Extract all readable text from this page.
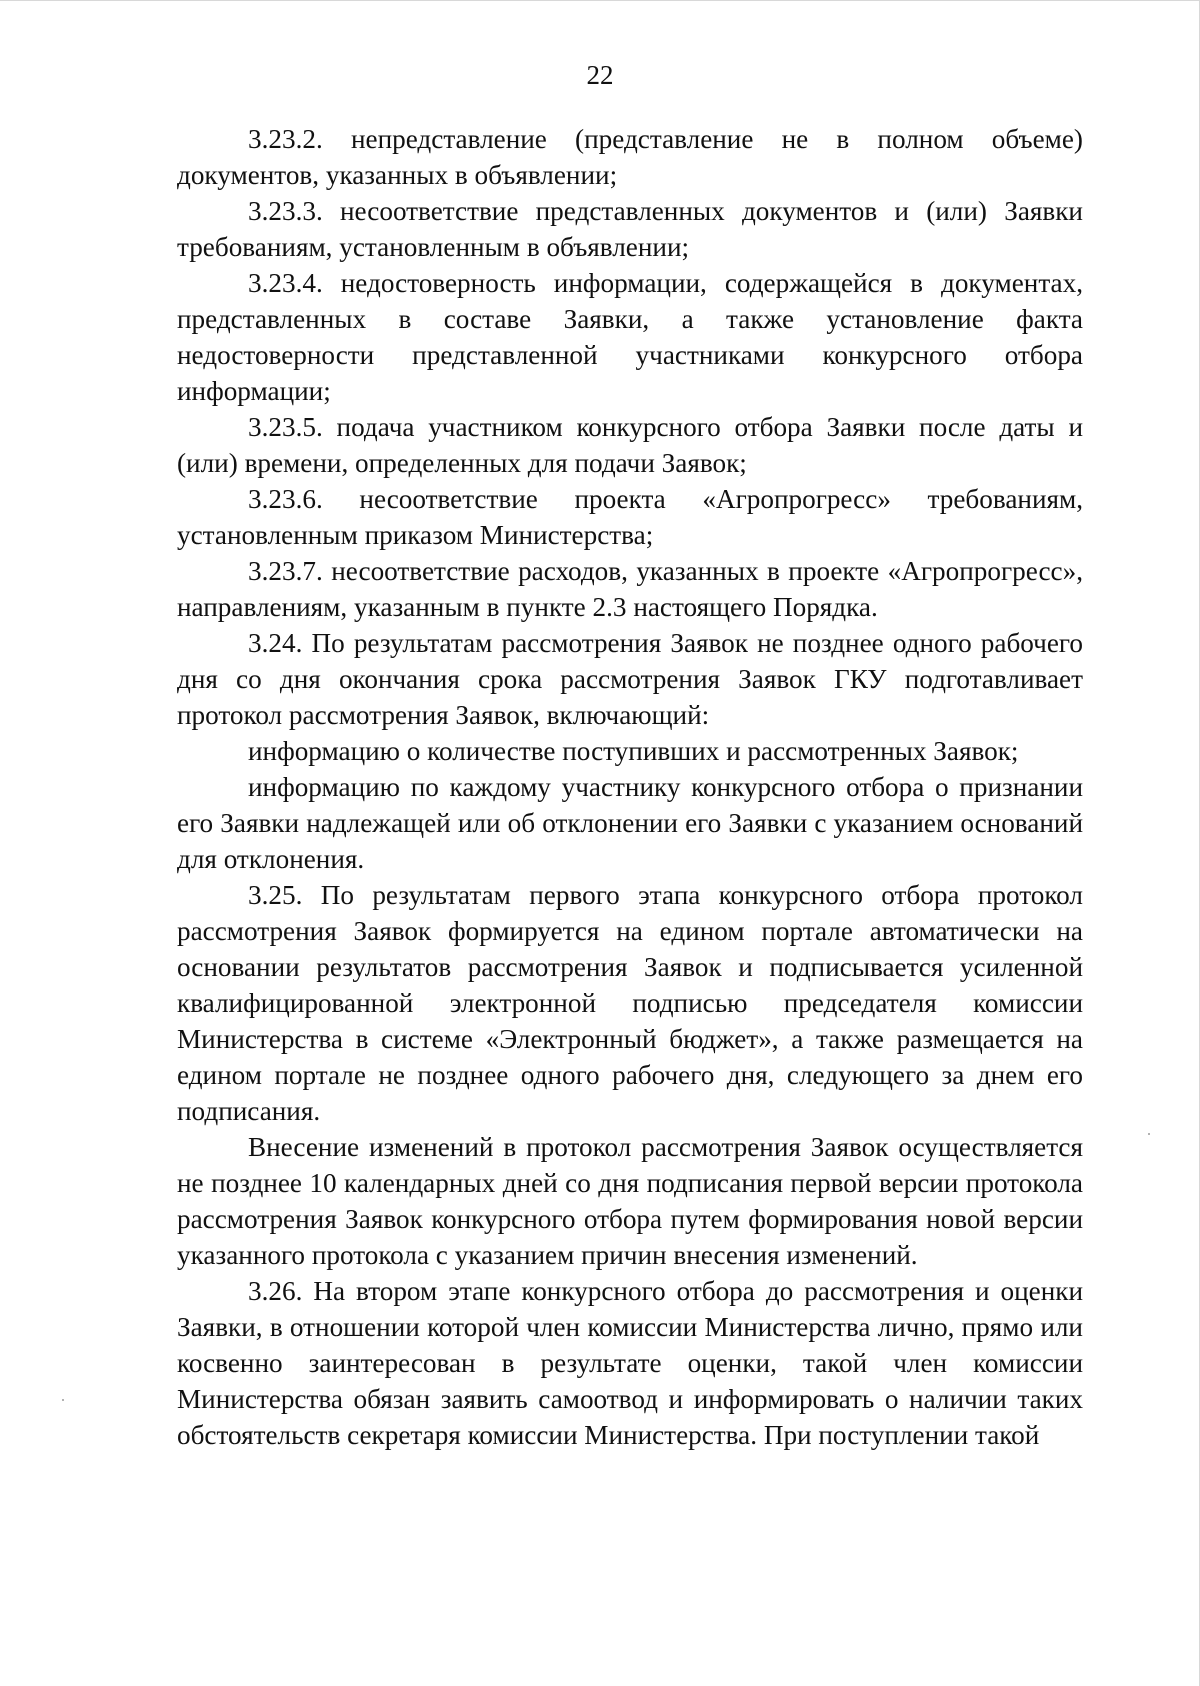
22

3.23.2. непредставление (представление не в полном объеме) документов, указанных в объявлении;

3.23.3. несоответствие представленных документов и (или) Заявки требованиям, установленным в объявлении;

3.23.4. недостоверность информации, содержащейся в документах, представленных в составе Заявки, а также установление факта недостоверности представленной участниками конкурсного отбора информации;

3.23.5. подача участником конкурсного отбора Заявки после даты и (или) времени, определенных для подачи Заявок;

3.23.6. несоответствие проекта «Агропрогресс» требованиям, установленным приказом Министерства;

3.23.7. несоответствие расходов, указанных в проекте «Агропрогресс», направлениям, указанным в пункте 2.3 настоящего Порядка.

3.24. По результатам рассмотрения Заявок не позднее одного рабочего дня со дня окончания срока рассмотрения Заявок ГКУ подготавливает протокол рассмотрения Заявок, включающий:

информацию о количестве поступивших и рассмотренных Заявок;

информацию по каждому участнику конкурсного отбора о признании его Заявки надлежащей или об отклонении его Заявки с указанием оснований для отклонения.

3.25. По результатам первого этапа конкурсного отбора протокол рассмотрения Заявок формируется на едином портале автоматически на основании результатов рассмотрения Заявок и подписывается усиленной квалифицированной электронной подписью председателя комиссии Министерства в системе «Электронный бюджет», а также размещается на едином портале не позднее одного рабочего дня, следующего за днем его подписания.

Внесение изменений в протокол рассмотрения Заявок осуществляется не позднее 10 календарных дней со дня подписания первой версии протокола рассмотрения Заявок конкурсного отбора путем формирования новой версии указанного протокола с указанием причин внесения изменений.

3.26. На втором этапе конкурсного отбора до рассмотрения и оценки Заявки, в отношении которой член комиссии Министерства лично, прямо или косвенно заинтересован в результате оценки, такой член комиссии Министерства обязан заявить самоотвод и информировать о наличии таких обстоятельств секретаря комиссии Министерства. При поступлении такой
